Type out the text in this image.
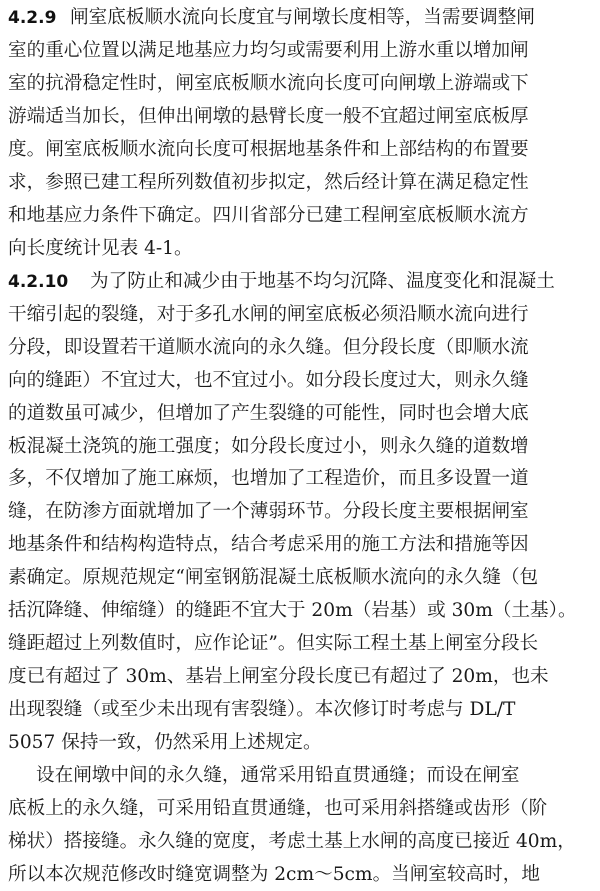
4.2.9 闸室底板顺水流向长度宜与闸墩长度相等，当需要调整闸
室的重心位置以满足地基应力均匀或需要利用上游水重以增加闸
室的抗滑稳定性时，闸室底板顺水流向长度可向闸墩上游端或下
游端适当加长，但伸出闸墩的悬臂长度一般不宜超过闸室底板厚
度。闸室底板顺水流向长度可根据地基条件和上部结构的布置要
求，参照已建工程所列数值初步拟定，然后经计算在满足稳定性
和地基应力条件下确定。四川省部分已建工程闸室底板顺水流方
向长度统计见表 4-1。
4.2.10 为了防止和减少由于地基不均匀沉降、温度变化和混凝土
干缩引起的裂缝，对于多孔水闸的闸室底板必须沿顺水流向进行
分段，即设置若干道顺水流向的永久缝。但分段长度（即顺水流
向的缝距）不宜过大，也不宜过小。如分段长度过大，则永久缝
的道数虽可减少，但增加了产生裂缝的可能性，同时也会增大底
板混凝土浇筑的施工强度；如分段长度过小，则永久缝的道数增
多，不仅增加了施工麻烦，也增加了工程造价，而且多设置一道
缝，在防渗方面就增加了一个薄弱环节。分段长度主要根据闸室
地基条件和结构构造特点，结合考虑采用的施工方法和措施等因
素确定。原规范规定“闸室钢筋混凝土底板顺水流向的永久缝（包
括沉降缝、伸缩缝）的缝距不宜大于 20m（岩基）或 30m（土基）。
缝距超过上列数值时，应作论证”。但实际工程土基上闸室分段长
度已有超过了 30m、基岩上闸室分段长度已有超过了 20m，也未
出现裂缝（或至少未出现有害裂缝）。本次修订时考虑与 DL/T
5057 保持一致，仍然采用上述规定。
设在闸墩中间的永久缝，通常采用铅直贯通缝；而设在闸室
底板上的永久缝，可采用铅直贯通缝，也可采用斜搭缝或齿形（阶
梯状）搭接缝。永久缝的宽度，考虑土基上水闸的高度已接近 40m，
所以本次规范修改时缝宽调整为 2cm～5cm。当闸室较高时，地
